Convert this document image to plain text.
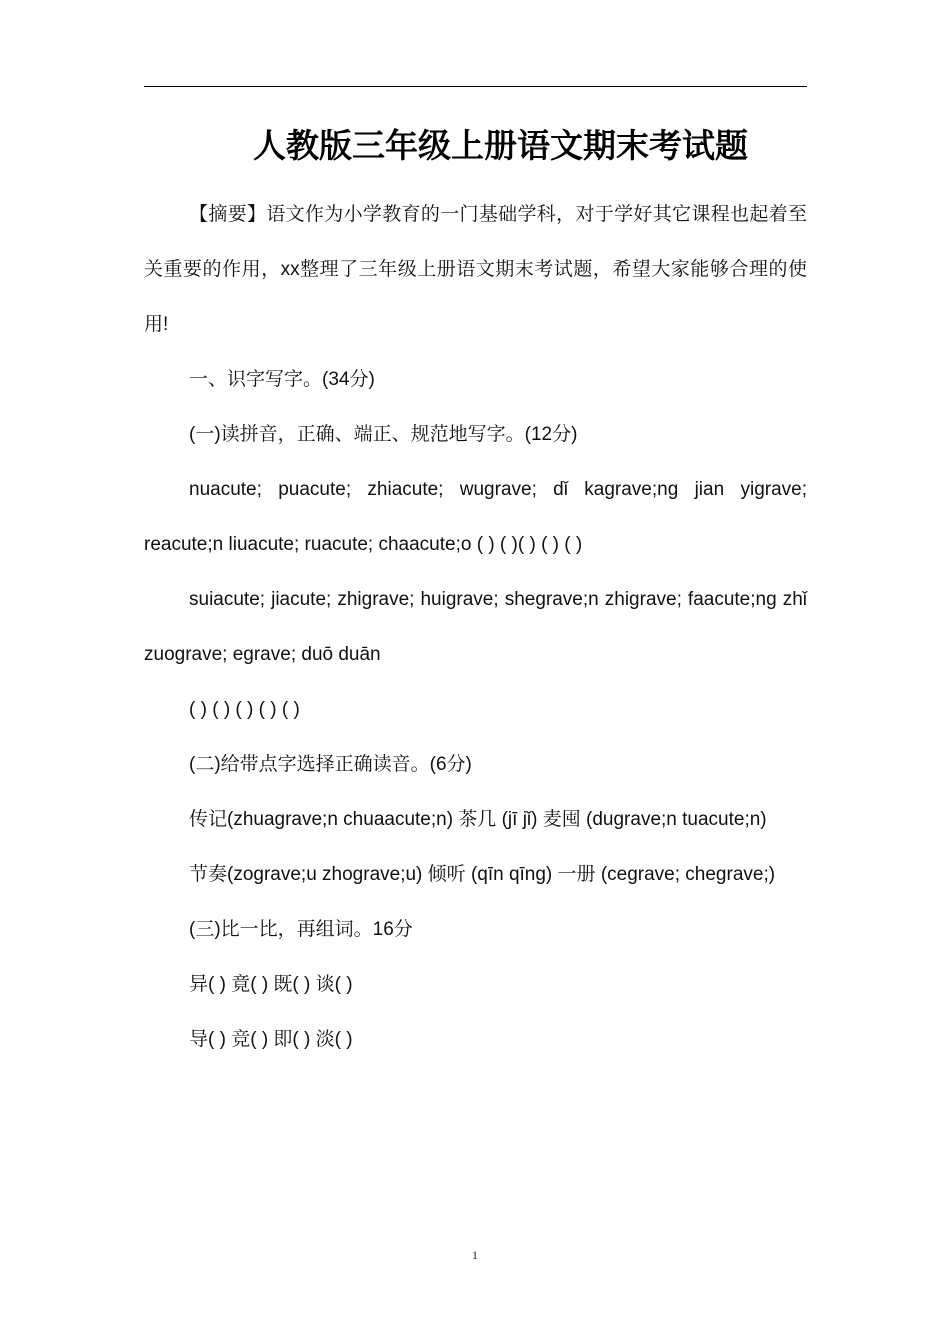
人教版三年级上册语文期末考试题

【摘要】语文作为小学教育的一门基础学科，对于学好其它课程也起着至关重要的作用，xx整理了三年级上册语文期末考试题，希望大家能够合理的使用!

一、识字写字。(34分)

(一)读拼音，正确、端正、规范地写字。(12分)

nuacute; puacute; zhiacute; wugrave; dǐ kagrave;ng jian yigrave; reacute;n liuacute; ruacute; chaacute;o ( ) ( )( ) ( ) ( )

suiacute; jiacute; zhigrave; huigrave; shegrave;n zhigrave; faacute;ng zhǐ zuograve; egrave; duō duān

( ) ( ) ( ) ( ) ( )

(二)给带点字选择正确读音。(6分)

传记(zhuagrave;n chuaacute;n) 茶几 (jī jǐ) 麦囤 (dugrave;n tuacute;n)

节奏(zograve;u zhograve;u) 倾听 (qīn qīng) 一册 (cegrave; chegrave;)

(三)比一比，再组词。16分

异( ) 竟( ) 既( ) 谈( )

导( ) 竞( ) 即( ) 淡( )

1
